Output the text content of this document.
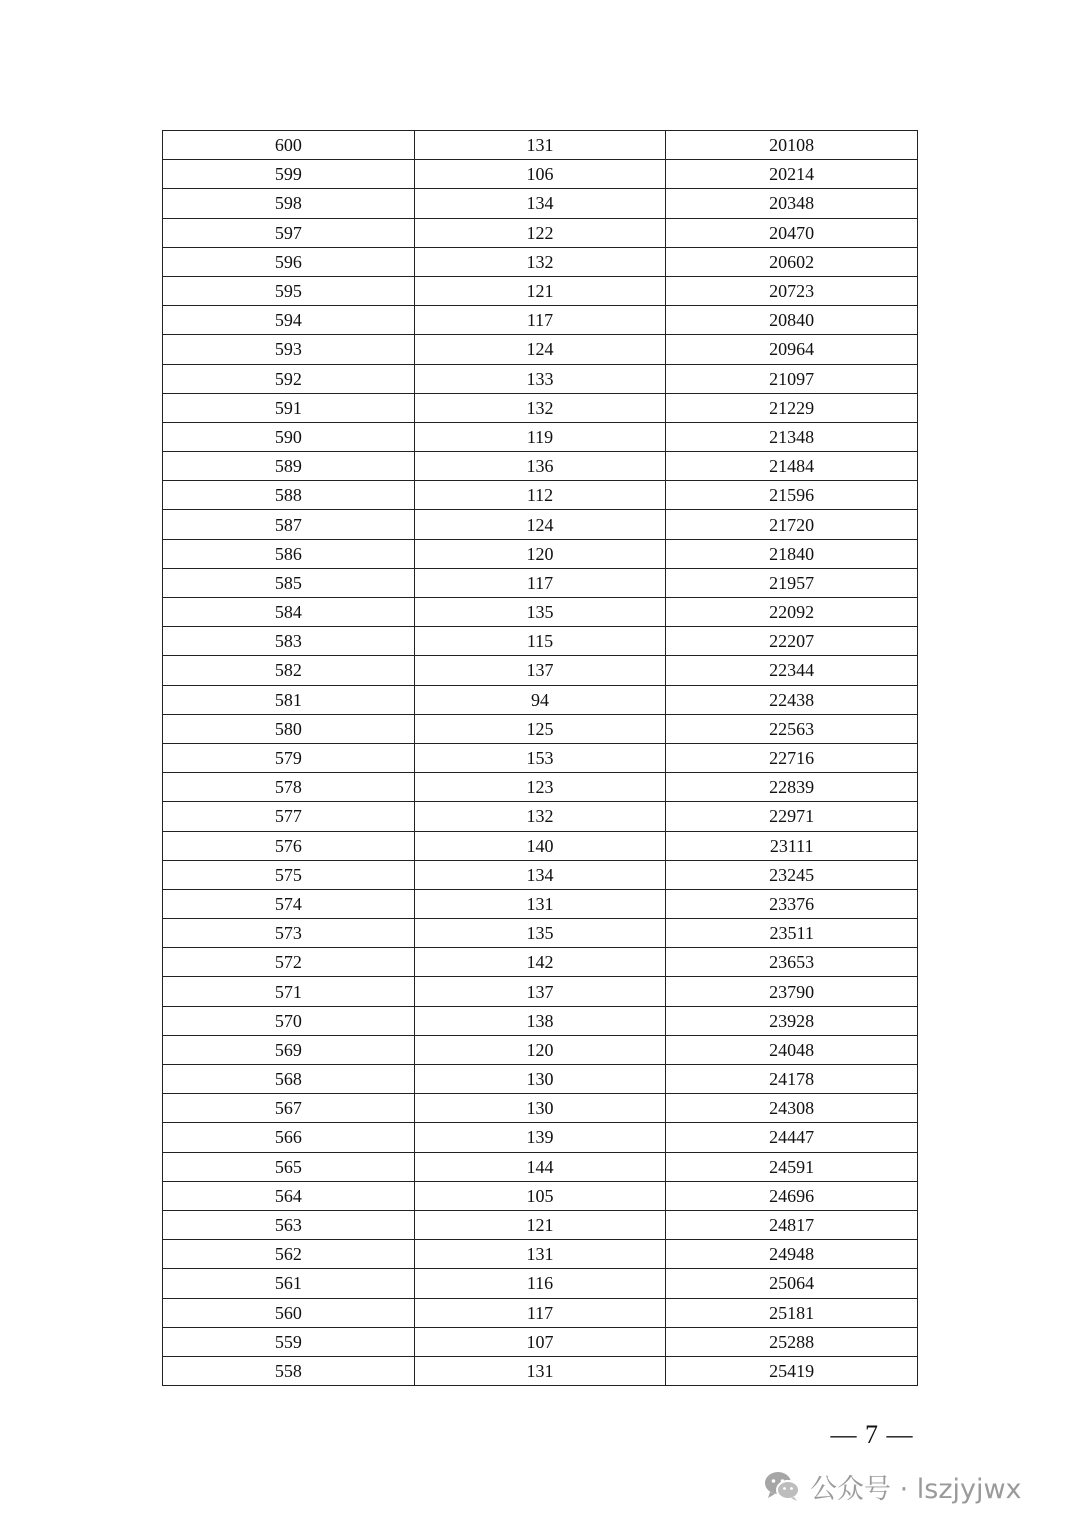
600	131	20108
599	106	20214
598	134	20348
597	122	20470
596	132	20602
595	121	20723
594	117	20840
593	124	20964
592	133	21097
591	132	21229
590	119	21348
589	136	21484
588	112	21596
587	124	21720
586	120	21840
585	117	21957
584	135	22092
583	115	22207
582	137	22344
581	94	22438
580	125	22563
579	153	22716
578	123	22839
577	132	22971
576	140	23111
575	134	23245
574	131	23376
573	135	23511
572	142	23653
571	137	23790
570	138	23928
569	120	24048
568	130	24178
567	130	24308
566	139	24447
565	144	24591
564	105	24696
563	121	24817
562	131	24948
561	116	25064
560	117	25181
559	107	25288
558	131	25419
— 7 —
公众号 · lszjyjwx
